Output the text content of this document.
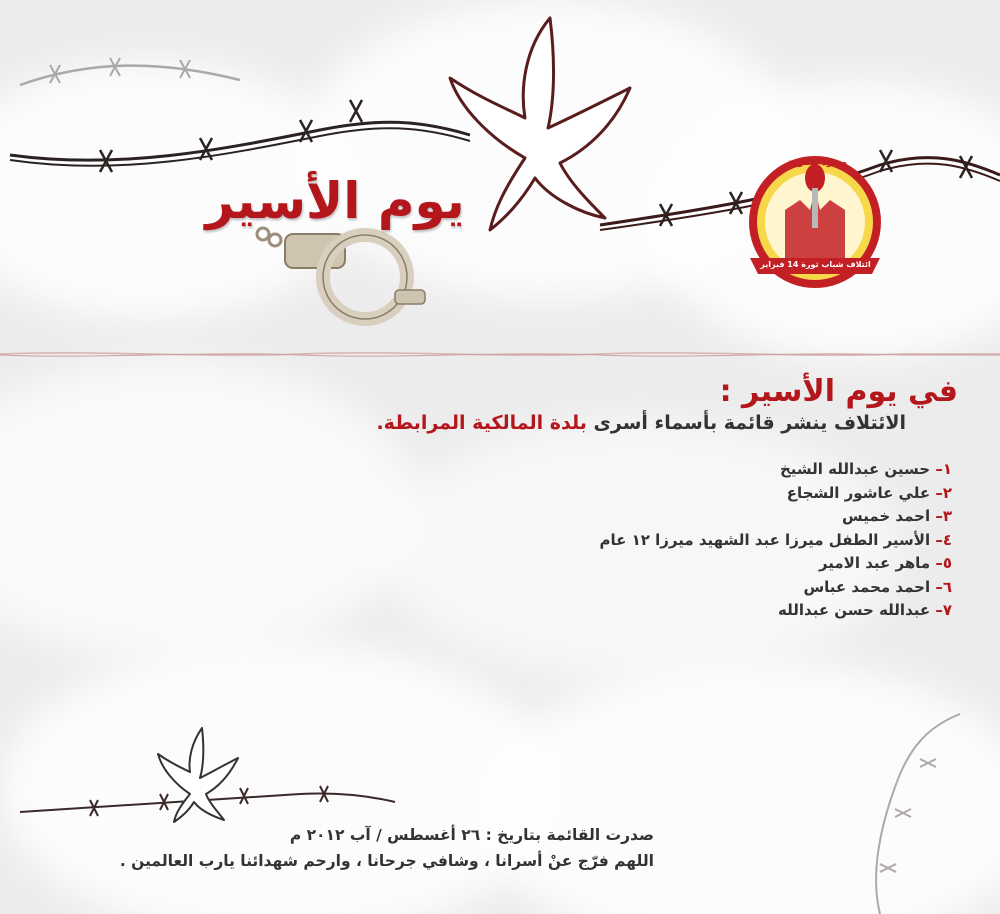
يوم الأسير
ائتلاف شباب ثورة 14 فبراير
صمود مقاومة
في يوم الأسير :
الائتلاف ينشر قائمة بأسماء أسرى بلدة المالكية المرابطة.
١– حسين عبدالله الشيخ
٢– علي عاشور الشجاع
٣– احمد خميس
٤– الأسير الطفل ميرزا عبد الشهيد ميرزا ١٢ عام
٥– ماهر عبد الامير
٦– احمد محمد عباس
٧– عبدالله حسن عبدالله
صدرت القائمة بتاريخ : ٢٦ أغسطس / آب ٢٠١٢ م
اللهم فرّج عنْ أسرانا ، وشافي جرحانا ، وارحم شهدائنا يارب العالمين .
